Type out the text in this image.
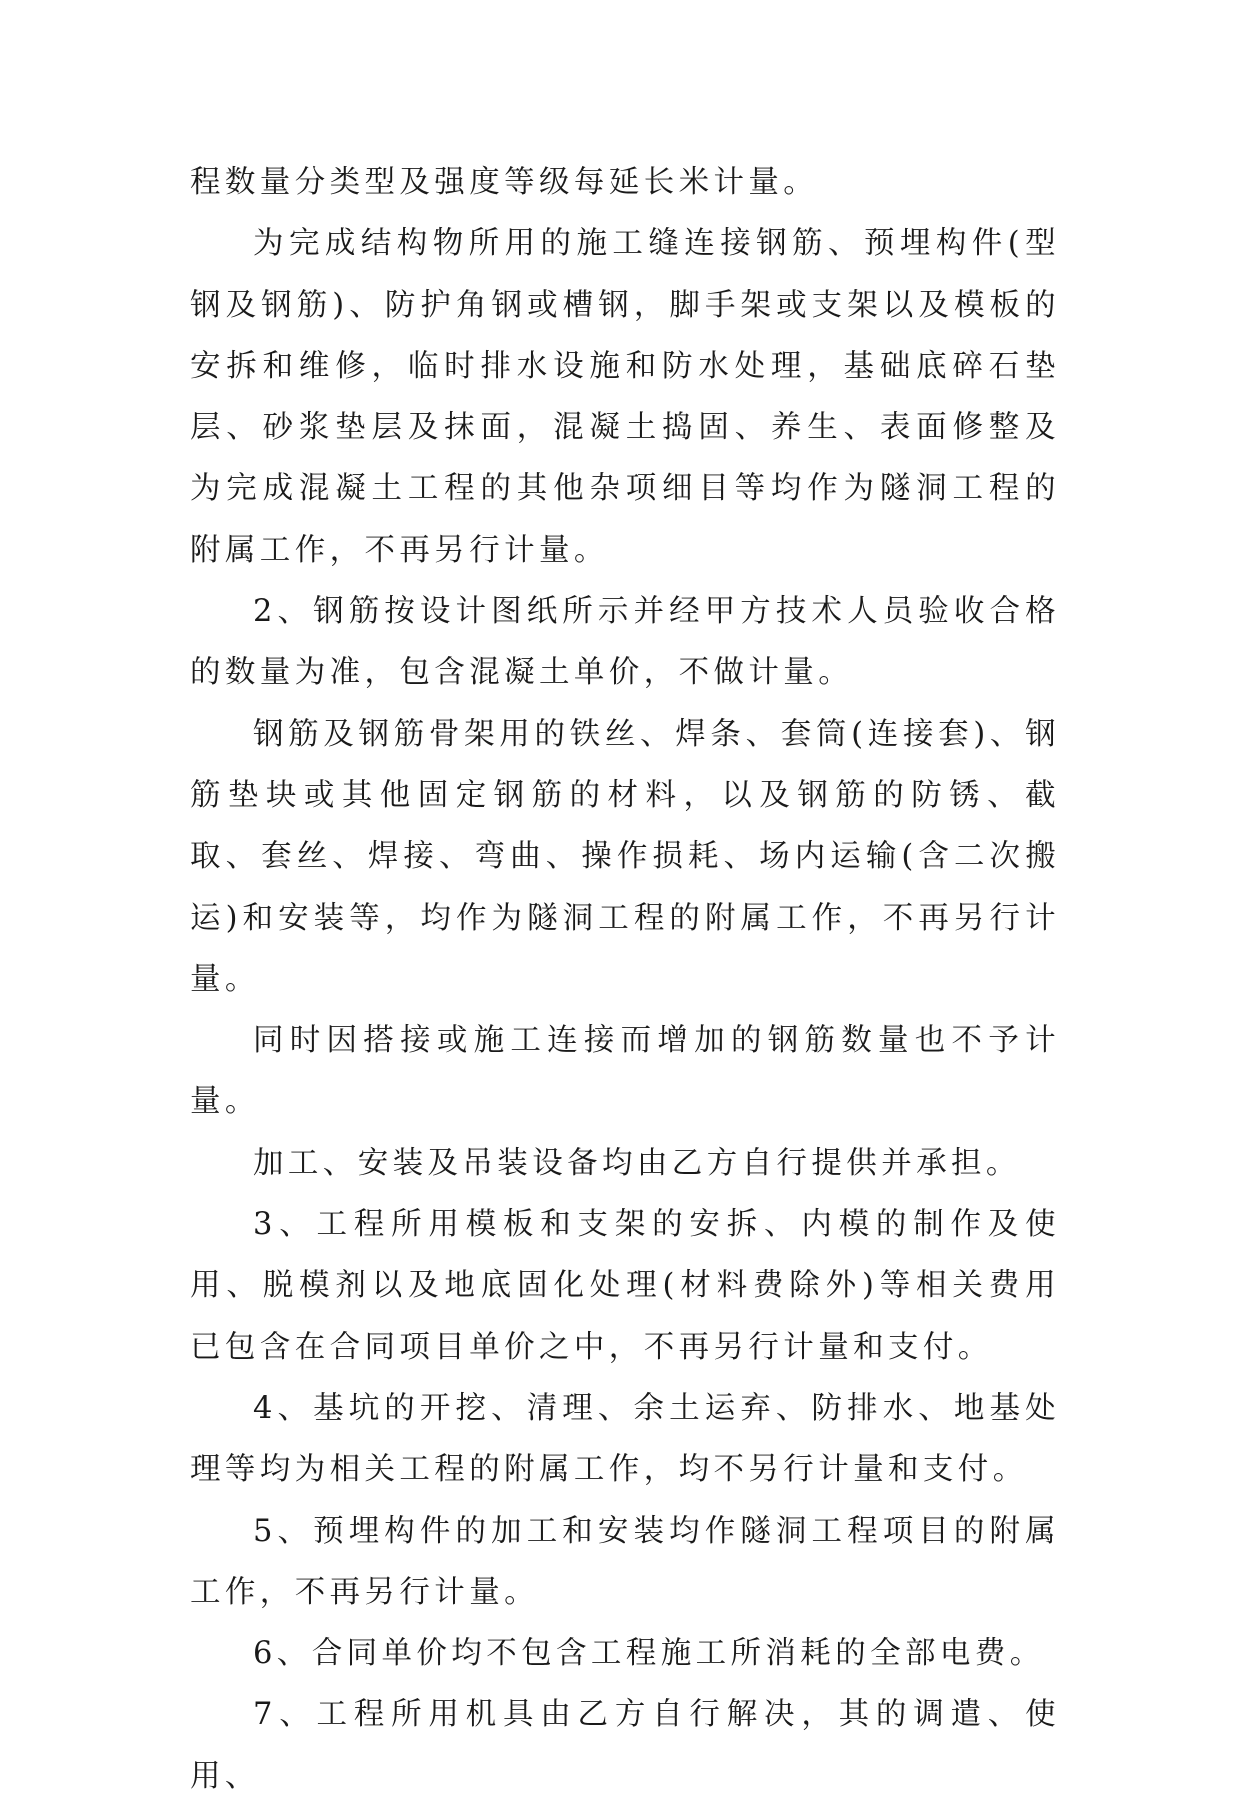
程数量分类型及强度等级每延长米计量。

为完成结构物所用的施工缝连接钢筋、预埋构件(型钢及钢筋)、防护角钢或槽钢，脚手架或支架以及模板的安拆和维修，临时排水设施和防水处理，基础底碎石垫层、砂浆垫层及抹面，混凝土捣固、养生、表面修整及为完成混凝土工程的其他杂项细目等均作为隧洞工程的附属工作，不再另行计量。

2、钢筋按设计图纸所示并经甲方技术人员验收合格的数量为准，包含混凝土单价，不做计量。

钢筋及钢筋骨架用的铁丝、焊条、套筒(连接套)、钢筋垫块或其他固定钢筋的材料，以及钢筋的防锈、截取、套丝、焊接、弯曲、操作损耗、场内运输(含二次搬运)和安装等，均作为隧洞工程的附属工作，不再另行计量。

同时因搭接或施工连接而增加的钢筋数量也不予计量。

加工、安装及吊装设备均由乙方自行提供并承担。

3、工程所用模板和支架的安拆、内模的制作及使用、脱模剂以及地底固化处理(材料费除外)等相关费用已包含在合同项目单价之中，不再另行计量和支付。

4、基坑的开挖、清理、余土运弃、防排水、地基处理等均为相关工程的附属工作，均不另行计量和支付。

5、预埋构件的加工和安装均作隧洞工程项目的附属工作，不再另行计量。

6、合同单价均不包含工程施工所消耗的全部电费。

7、工程所用机具由乙方自行解决，其的调遣、使用、
